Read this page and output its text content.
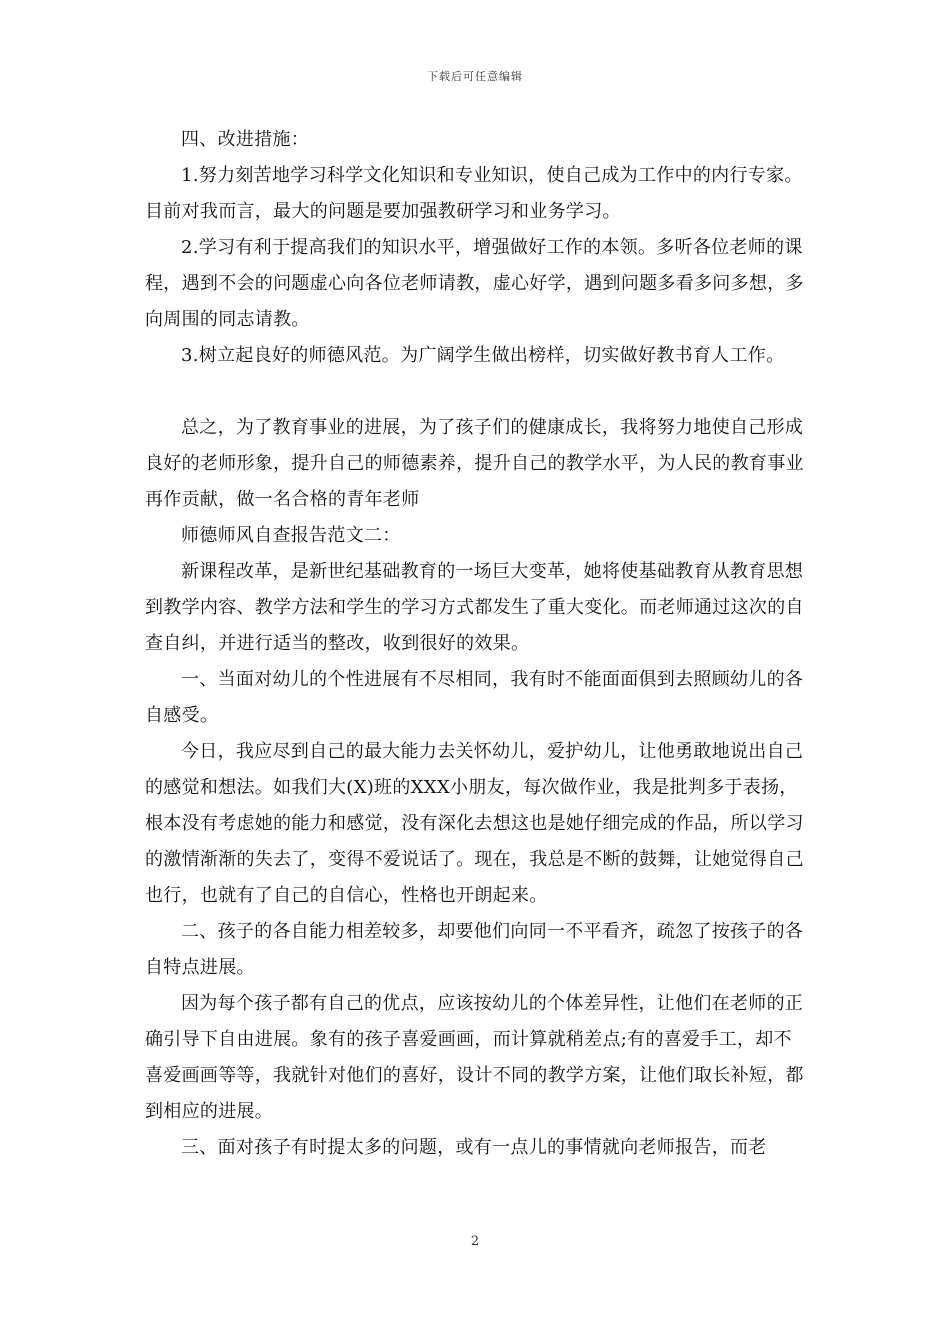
下载后可任意编辑

四、改进措施：

1.努力刻苦地学习科学文化知识和专业知识，使自己成为工作中的内行专家。目前对我而言，最大的问题是要加强教研学习和业务学习。

2.学习有利于提高我们的知识水平，增强做好工作的本领。多听各位老师的课程，遇到不会的问题虚心向各位老师请教，虚心好学，遇到问题多看多问多想，多向周围的同志请教。

3.树立起良好的师德风范。为广阔学生做出榜样，切实做好教书育人工作。

总之，为了教育事业的进展，为了孩子们的健康成长，我将努力地使自己形成良好的老师形象，提升自己的师德素养，提升自己的教学水平，为人民的教育事业再作贡献，做一名合格的青年老师

师德师风自查报告范文二：

新课程改革，是新世纪基础教育的一场巨大变革，她将使基础教育从教育思想到教学内容、教学方法和学生的学习方式都发生了重大变化。而老师通过这次的自查自纠，并进行适当的整改，收到很好的效果。

一、当面对幼儿的个性进展有不尽相同，我有时不能面面俱到去照顾幼儿的各自感受。

今日，我应尽到自己的最大能力去关怀幼儿，爱护幼儿，让他勇敢地说出自己的感觉和想法。如我们大(X)班的XXX小朋友，每次做作业，我是批判多于表扬，根本没有考虑她的能力和感觉，没有深化去想这也是她仔细完成的作品，所以学习的激情渐渐的失去了，变得不爱说话了。现在，我总是不断的鼓舞，让她觉得自己也行，也就有了自己的自信心，性格也开朗起来。

二、孩子的各自能力相差较多，却要他们向同一不平看齐，疏忽了按孩子的各自特点进展。

因为每个孩子都有自己的优点，应该按幼儿的个体差异性，让他们在老师的正确引导下自由进展。象有的孩子喜爱画画，而计算就稍差点;有的喜爱手工，却不喜爱画画等等，我就针对他们的喜好，设计不同的教学方案，让他们取长补短，都到相应的进展。

三、面对孩子有时提太多的问题，或有一点儿的事情就向老师报告，而老

2
